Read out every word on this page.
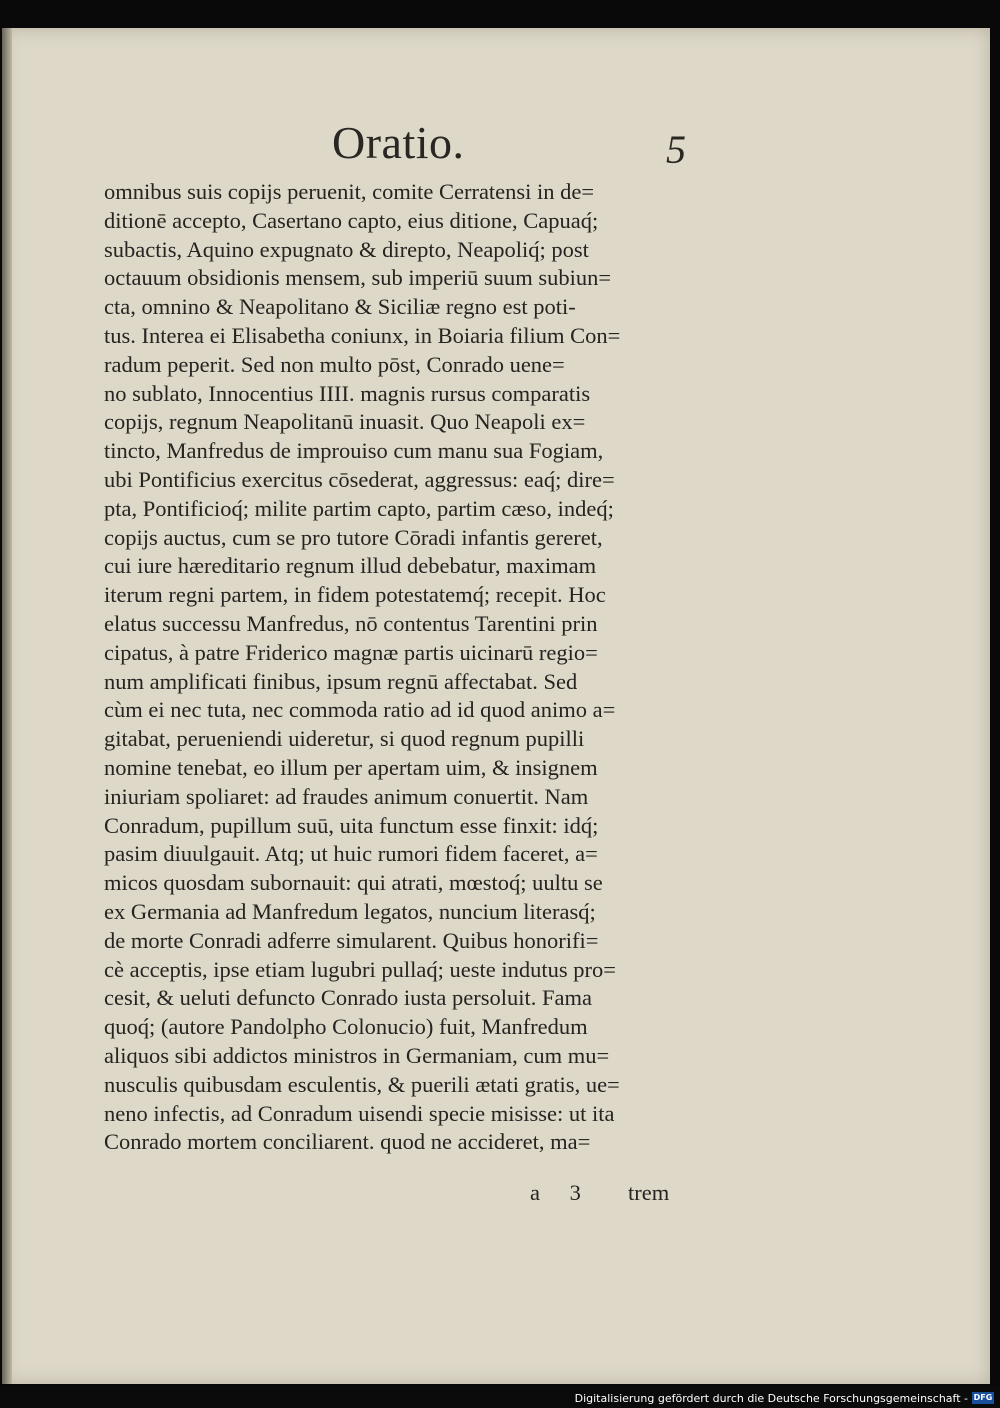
Oratio.	5
omnibus suis copijs peruenit, comite Cerratensi in de=
ditionē accepto, Casertano capto, eius ditione, Capuaq́;
subactis, Aquino expugnato & direpto, Neapoliq́; post
octauum obsidionis mensem, sub imperiū suum subiun=
cta, omnino & Neapolitano & Siciliæ regno est poti-
tus. Interea ei Elisabetha coniunx, in Boiaria filium Con=
radum peperit. Sed non multo pōst, Conrado uene=
no sublato, Innocentius IIII. magnis rursus comparatis
copijs, regnum Neapolitanū inuasit. Quo Neapoli ex=
tincto, Manfredus de improuiso cum manu sua Fogiam,
ubi Pontificius exercitus cōsederat, aggressus: eaq́; dire=
pta, Pontificioq́; milite partim capto, partim cæso, indeq́;
copijs auctus, cum se pro tutore Cōradi infantis gereret,
cui iure hæreditario regnum illud debebatur, maximam
iterum regni partem, in fidem potestatemq́; recepit. Hoc
elatus successu Manfredus, nō contentus Tarentini prin
cipatus, à patre Friderico magnæ partis uicinarū regio=
num amplificati finibus, ipsum regnū affectabat. Sed
cùm ei nec tuta, nec commoda ratio ad id quod animo a=
gitabat, perueniendi uideretur, si quod regnum pupilli
nomine tenebat, eo illum per apertam uim, & insignem
iniuriam spoliaret: ad fraudes animum conuertit. Nam
Conradum, pupillum suū, uita functum esse finxit: idq́;
pasim diuulgauit. Atq; ut huic rumori fidem faceret, a=
micos quosdam subornauit: qui atrati, mœstoq́; uultu se
ex Germania ad Manfredum legatos, nuncium literasq́;
de morte Conradi adferre simularent. Quibus honorifi=
cè acceptis, ipse etiam lugubri pullaq́; ueste indutus pro=
cesit, & ueluti defuncto Conrado iusta persoluit. Fama
quoq́; (autore Pandolpho Colonucio) fuit, Manfredum
aliquos sibi addictos ministros in Germaniam, cum mu=
nusculis quibusdam esculentis, & puerili ætati gratis, ue=
neno infectis, ad Conradum uisendi specie misisse: ut ita
Conrado mortem conciliarent. quod ne accideret, ma=
a 3 trem
Digitalisierung gefördert durch die Deutsche Forschungsgemeinschaft - DFG
